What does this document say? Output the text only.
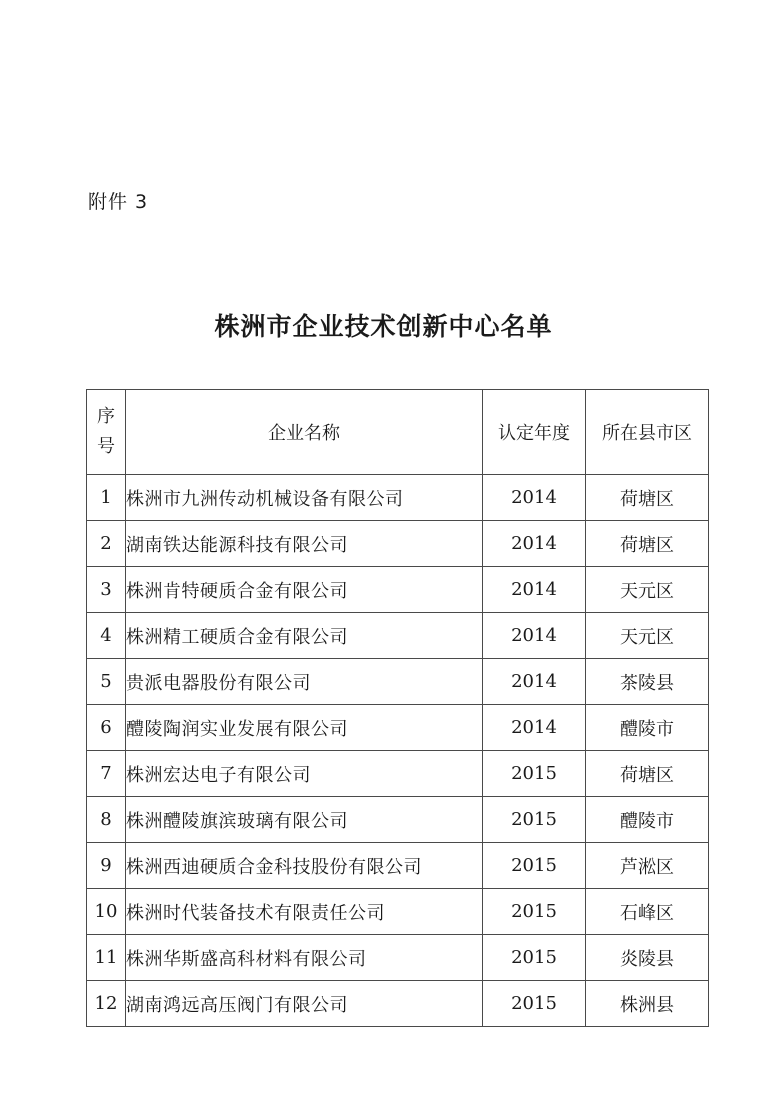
附件 3
株洲市企业技术创新中心名单
序
号	企业名称	认定年度	所在县市区
1	株洲市九洲传动机械设备有限公司	2014	荷塘区
2	湖南铁达能源科技有限公司	2014	荷塘区
3	株洲肯特硬质合金有限公司	2014	天元区
4	株洲精工硬质合金有限公司	2014	天元区
5	贵派电器股份有限公司	2014	茶陵县
6	醴陵陶润实业发展有限公司	2014	醴陵市
7	株洲宏达电子有限公司	2015	荷塘区
8	株洲醴陵旗滨玻璃有限公司	2015	醴陵市
9	株洲西迪硬质合金科技股份有限公司	2015	芦淞区
10	株洲时代装备技术有限责任公司	2015	石峰区
11	株洲华斯盛高科材料有限公司	2015	炎陵县
12	湖南鸿远高压阀门有限公司	2015	株洲县
